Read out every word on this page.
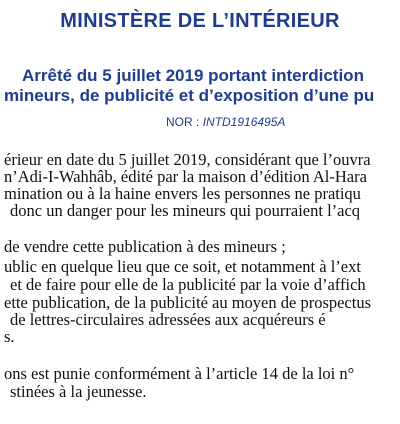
MINISTÈRE DE L’INTÉRIEUR
Arrêté du 5 juillet 2019 portant interdiction
mineurs, de publicité et d’exposition d’une pu
NOR : INTD1916495A
érieur en date du 5 juillet 2019, considérant que l’ouvra
n’Adi-I-Wahhâb, édité par la maison d’édition Al-Hara
mination ou à la haine envers les personnes ne pratiqu
donc un danger pour les mineurs qui pourraient l’acq
de vendre cette publication à des mineurs ;
ublic en quelque lieu que ce soit, et notamment à l’ext
et de faire pour elle de la publicité par la voie d’affich
ette publication, de la publicité au moyen de prospectus
de lettres-circulaires adressées aux acquéreurs é
s.
ons est punie conformément à l’article 14 de la loi n°
stinées à la jeunesse.
